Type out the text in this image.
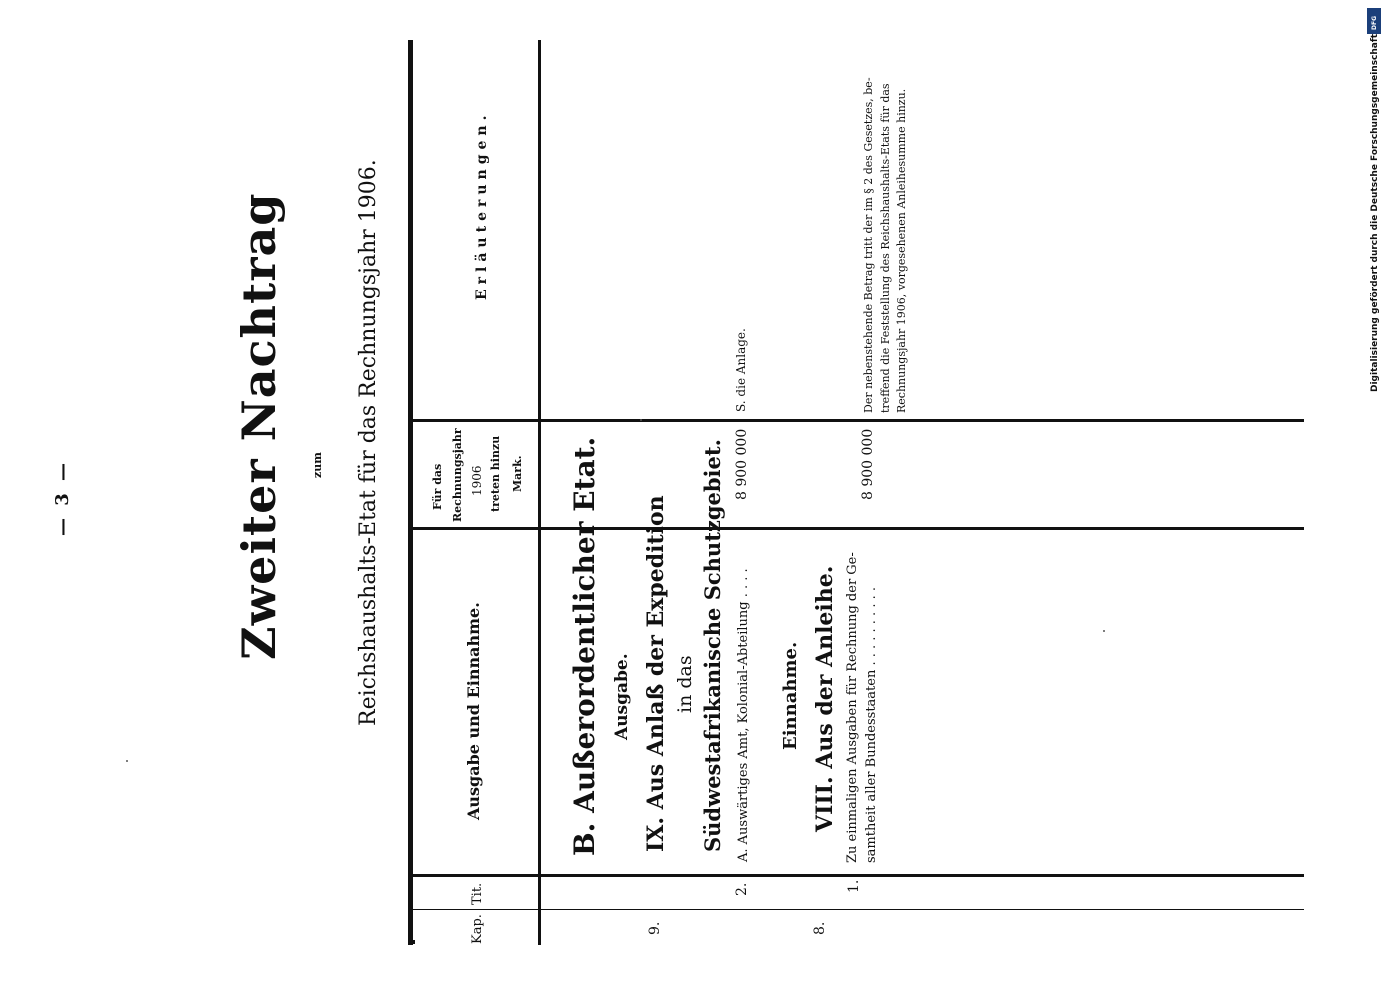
— 3 —	Zweiter Nachtrag zum Reichshaushalts-Etat für das Rechnungsjahr 1906.
Kap.
Tit.
Ausgabe und Einnahme.
Für das Rechnungsjahr 1906 treten hinzu Mark.
Erläuterungen.
B. Außerordentlicher Etat. Ausgabe. IX. Aus Anlaß der Expedition in das Südwestafrikanische Schutzgebiet.
9.
2.
A. Auswärtiges Amt, Kolonial-Abteilung . . . .
8 900 000
S. die Anlage.
Einnahme. VIII. Aus der Anleihe.
8.
1.
Zu einmaligen Ausgaben für Rechnung der Ge- samtheit aller Bundesstaaten . . . . . . . . . .
8 900 000
Der nebenstehende Betrag tritt der im § 2 des Gesetzes, be- treffend die Feststellung des Reichshaushalts-Etats für das Rechnungsjahr 1906, vorgesehenen Anleihesumme hinzu.	Digitalisierung gefördert durch die Deutsche Forschungsgemeinschaft
DFG
